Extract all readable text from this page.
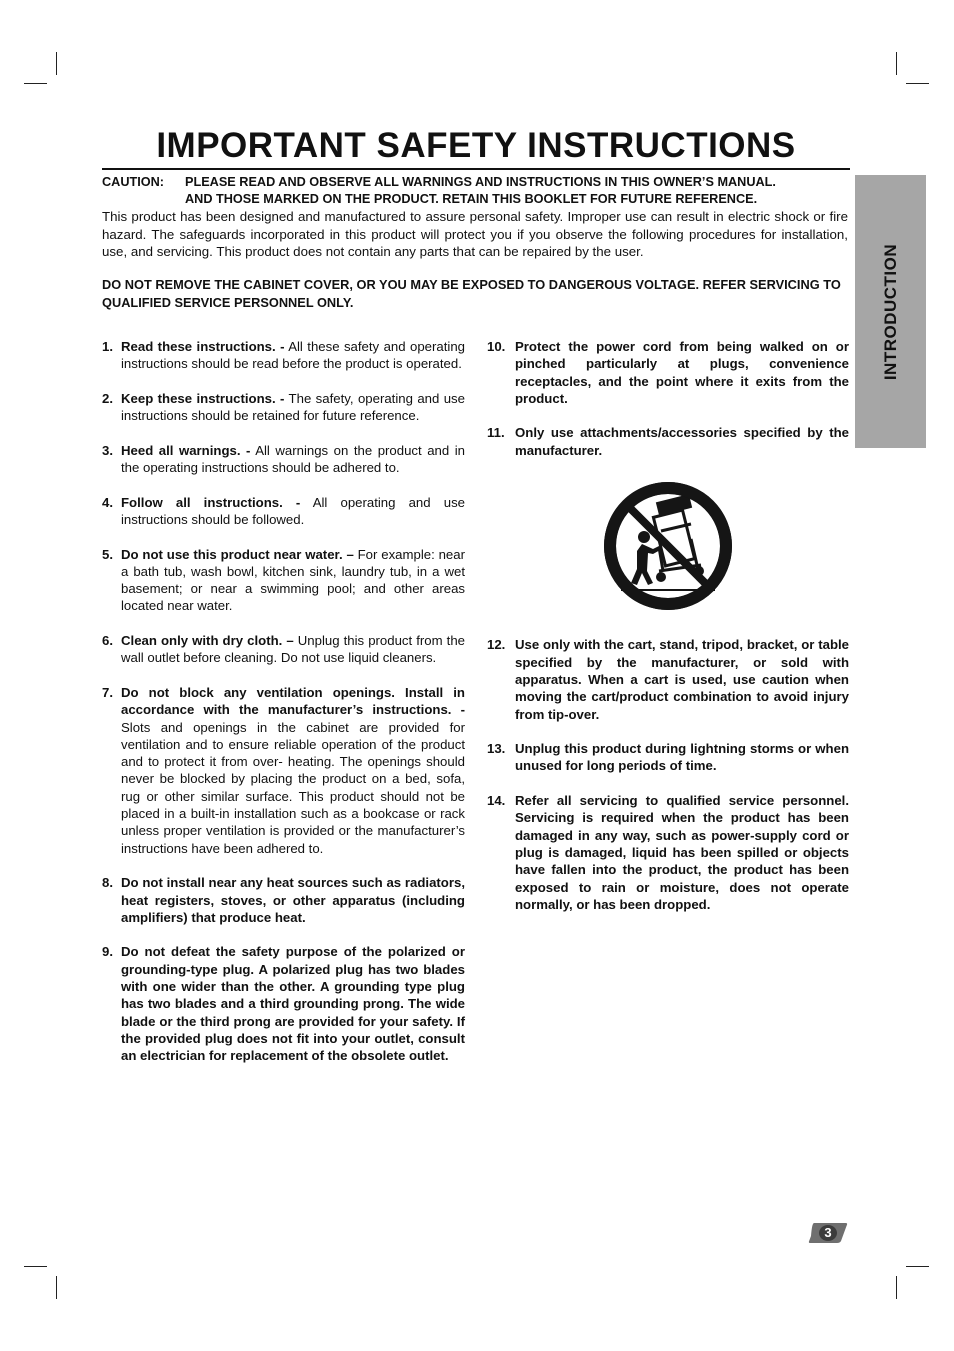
IMPORTANT SAFETY INSTRUCTIONS
CAUTION: PLEASE READ AND OBSERVE ALL WARNINGS AND INSTRUCTIONS IN THIS OWNER’S MANUAL.
AND THOSE MARKED ON THE PRODUCT. RETAIN THIS BOOKLET FOR FUTURE REFERENCE.
This product has been designed and manufactured to assure personal safety. Improper use can result in electric shock or fire hazard. The safeguards incorporated in this product will protect you if you observe the following procedures for installation, use, and servicing. This product does not contain any parts that can be repaired by the user.
DO NOT REMOVE THE CABINET COVER, OR YOU MAY BE EXPOSED TO DANGEROUS VOLTAGE. REFER SERVICING TO QUALIFIED SERVICE PERSONNEL ONLY.
1. Read these instructions. - All these safety and operating instructions should be read before the product is operated.
2. Keep these instructions. - The safety, operating and use instructions should be retained for future reference.
3. Heed all warnings. - All warnings on the product and in the operating instructions should be adhered to.
4. Follow all instructions. - All operating and use instructions should be followed.
5. Do not use this product near water. – For example: near a bath tub, wash bowl, kitchen sink, laundry tub, in a wet basement; or near a swimming pool; and other areas located near water.
6. Clean only with dry cloth. – Unplug this product from the wall outlet before cleaning. Do not use liquid cleaners.
7. Do not block any ventilation openings. Install in accordance with the manufacturer’s instructions. - Slots and openings in the cabinet are provided for ventilation and to ensure reliable operation of the product and to protect it from over- heating. The openings should never be blocked by placing the product on a bed, sofa, rug or other similar surface. This product should not be placed in a built-in installation such as a bookcase or rack unless proper ventilation is provided or the manufacturer’s instructions have been adhered to.
8. Do not install near any heat sources such as radiators, heat registers, stoves, or other apparatus (including amplifiers) that produce heat.
9. Do not defeat the safety purpose of the polarized or grounding-type plug. A polarized plug has two blades with one wider than the other. A grounding type plug has two blades and a third grounding prong. The wide blade or the third prong are provided for your safety. If the provided plug does not fit into your outlet, consult an electrician for replacement of the obsolete outlet.
10. Protect the power cord from being walked on or pinched particularly at plugs, convenience receptacles, and the point where it exits from the product.
11. Only use attachments/accessories specified by the manufacturer.
12. Use only with the cart, stand, tripod, bracket, or table specified by the manufacturer, or sold with apparatus. When a cart is used, use caution when moving the cart/product combination to avoid injury from tip-over.
13. Unplug this product during lightning storms or when unused for long periods of time.
14. Refer all servicing to qualified service personnel. Servicing is required when the product has been damaged in any way, such as power-supply cord or plug is damaged, liquid has been spilled or objects have fallen into the product, the product has been exposed to rain or moisture, does not operate normally, or has been dropped.
INTRODUCTION
3
